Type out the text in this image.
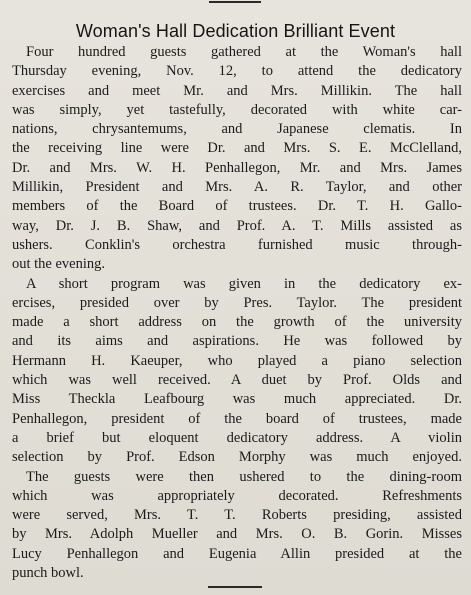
Woman's Hall Dedication Brilliant Event
Four hundred guests gathered at the Woman's hall
Thursday evening, Nov. 12, to attend the dedicatory
exercises and meet Mr. and Mrs. Millikin. The hall
was simply, yet tastefully, decorated with white car-
nations, chrysantemums, and Japanese clematis. In
the receiving line were Dr. and Mrs. S. E. McClelland,
Dr. and Mrs. W. H. Penhallegon, Mr. and Mrs. James
Millikin, President and Mrs. A. R. Taylor, and other
members of the Board of trustees. Dr. T. H. Gallo-
way, Dr. J. B. Shaw, and Prof. A. T. Mills assisted as
ushers. Conklin's orchestra furnished music through-
out the evening.
A short program was given in the dedicatory ex-
ercises, presided over by Pres. Taylor. The president
made a short address on the growth of the university
and its aims and aspirations. He was followed by
Hermann H. Kaeuper, who played a piano selection
which was well received. A duet by Prof. Olds and
Miss Theckla Leafbourg was much appreciated. Dr.
Penhallegon, president of the board of trustees, made
a brief but eloquent dedicatory address. A violin
selection by Prof. Edson Morphy was much enjoyed.
The guests were then ushered to the dining-room
which was appropriately decorated. Refreshments
were served, Mrs. T. T. Roberts presiding, assisted
by Mrs. Adolph Mueller and Mrs. O. B. Gorin. Misses
Lucy Penhallegon and Eugenia Allin presided at the
punch bowl.
